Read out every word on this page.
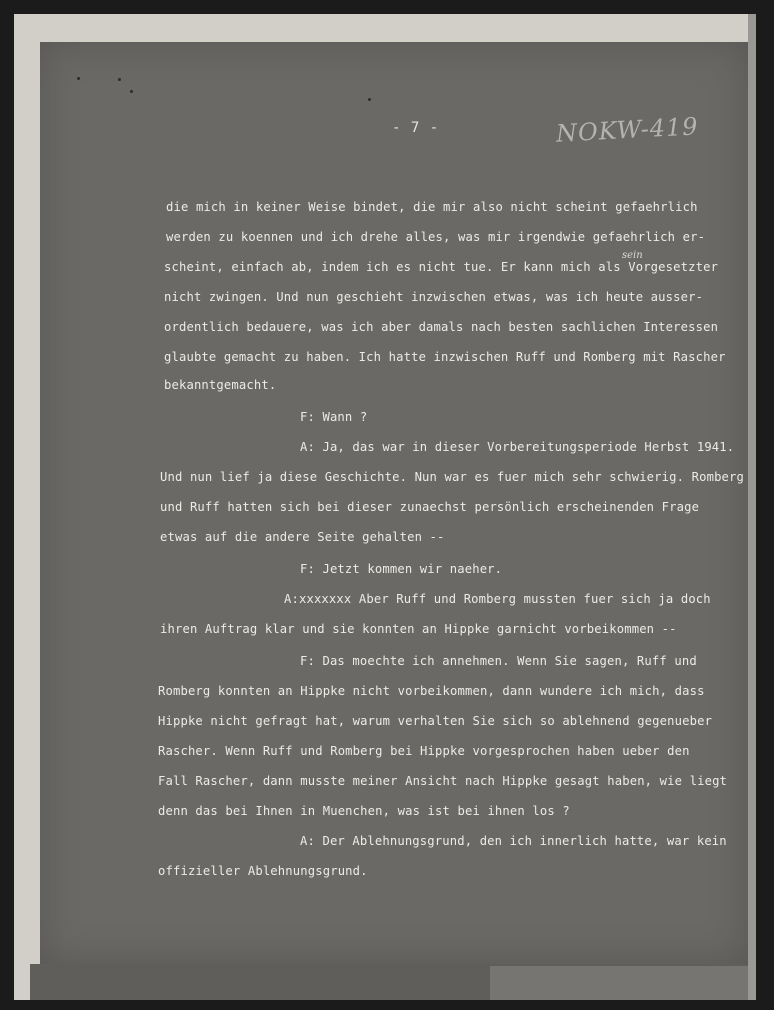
- 7 -	NOKW-419
sein
die mich in keiner Weise bindet, die mir also nicht scheint gefaehrlich
werden zu koennen und ich drehe alles, was mir irgendwie gefaehrlich er-
scheint, einfach ab, indem ich es nicht tue. Er kann mich als Vorgesetzter
nicht zwingen. Und nun geschieht inzwischen etwas, was ich heute ausser-
ordentlich bedauere, was ich aber damals nach besten sachlichen Interessen
glaubte gemacht zu haben. Ich hatte inzwischen Ruff und Romberg mit Rascher
bekanntgemacht.
F: Wann ?
A: Ja, das war in dieser Vorbereitungsperiode Herbst 1941.
Und nun lief ja diese Geschichte. Nun war es fuer mich sehr schwierig. Romberg
und Ruff hatten sich bei dieser zunaechst persönlich erscheinenden Frage
etwas auf die andere Seite gehalten --
F: Jetzt kommen wir naeher.
A:xxxxxxx Aber Ruff und Romberg mussten fuer sich ja doch
ihren Auftrag klar und sie konnten an Hippke garnicht vorbeikommen --
F: Das moechte ich annehmen. Wenn Sie sagen, Ruff und
Romberg konnten an Hippke nicht vorbeikommen, dann wundere ich mich, dass
Hippke nicht gefragt hat, warum verhalten Sie sich so ablehnend gegenueber
Rascher. Wenn Ruff und Romberg bei Hippke vorgesprochen haben ueber den
Fall Rascher, dann musste meiner Ansicht nach Hippke gesagt haben, wie liegt
denn das bei Ihnen in Muenchen, was ist bei ihnen los ?
A: Der Ablehnungsgrund, den ich innerlich hatte, war kein
offizieller Ablehnungsgrund.
